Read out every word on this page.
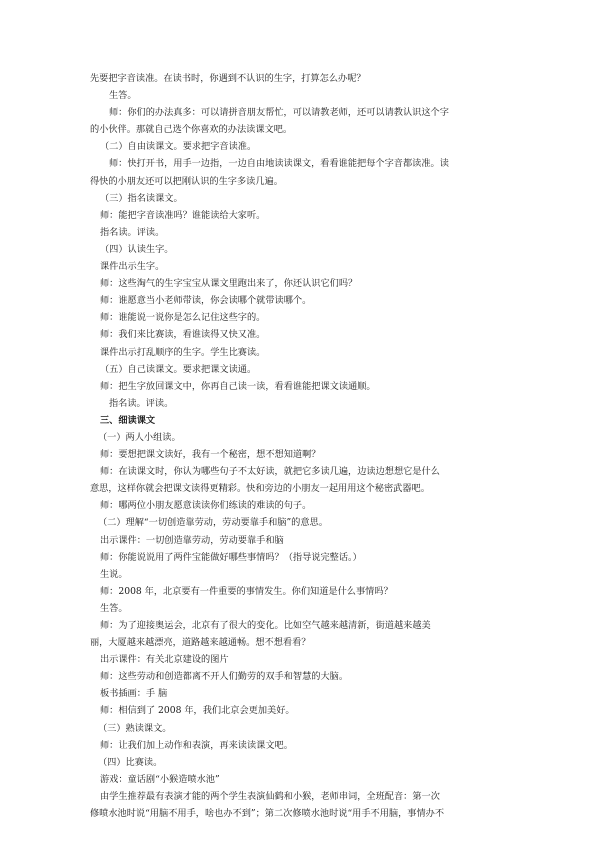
先要把字音读准。在读书时，你遇到不认识的生字，打算怎么办呢？
生答。
师：你们的办法真多：可以请拼音朋友帮忙，可以请教老师，还可以请教认识这个字
的小伙伴。那就自己选个你喜欢的办法读课文吧。
（二）自由读课文。要求把字音读准。
师：快打开书，用手一边指，一边自由地读读课文，看看谁能把每个字音都读准。读
得快的小朋友还可以把刚认识的生字多读几遍。
（三）指名读课文。
师：能把字音读准吗？谁能读给大家听。
指名读。评读。
（四）认读生字。
课件出示生字。
师：这些淘气的生字宝宝从课文里跑出来了，你还认识它们吗？
师：谁愿意当小老师带读，你会读哪个就带读哪个。
师：谁能说一说你是怎么记住这些字的。
师：我们来比赛读，看谁读得又快又准。
课件出示打乱顺序的生字。学生比赛读。
（五）自己读课文。要求把课文读通。
师：把生字放回课文中，你再自己读一读，看看谁能把课文读通顺。
指名读。评读。
三、细读课文
（一）两人小组读。
师：要想把课文读好，我有一个秘密，想不想知道啊？
师：在读课文时，你认为哪些句子不太好读，就把它多读几遍，边读边想想它是什么
意思，这样你就会把课文读得更精彩。快和旁边的小朋友一起用用这个秘密武器吧。
师：哪两位小朋友愿意读读你们练读的难读的句子。
（二）理解“一切创造靠劳动，劳动要靠手和脑”的意思。
出示课件：一切创造靠劳动，劳动要靠手和脑
师：你能说说用了两件宝能做好哪些事情吗？（指导说完整话。）
生说。
师：2008 年，北京要有一件重要的事情发生。你们知道是什么事情吗？
生答。
师：为了迎接奥运会，北京有了很大的变化。比如空气越来越清新，街道越来越美
丽，大厦越来越漂亮，道路越来越通畅。想不想看看？
出示课件：有关北京建设的图片
师：这些劳动和创造都离不开人们勤劳的双手和智慧的大脑。
板书插画：手 脑
师：相信到了 2008 年，我们北京会更加美好。
（三）熟读课文。
师：让我们加上动作和表演，再来读读课文吧。
（四）比赛读。
游戏：童话剧“小猴造喷水池”
由学生推荐最有表演才能的两个学生表演仙鹤和小猴，老师串词，全班配音：第一次
修喷水池时说“用脑不用手，啥也办不到”；第二次修喷水池时说“用手不用脑，事情办不
